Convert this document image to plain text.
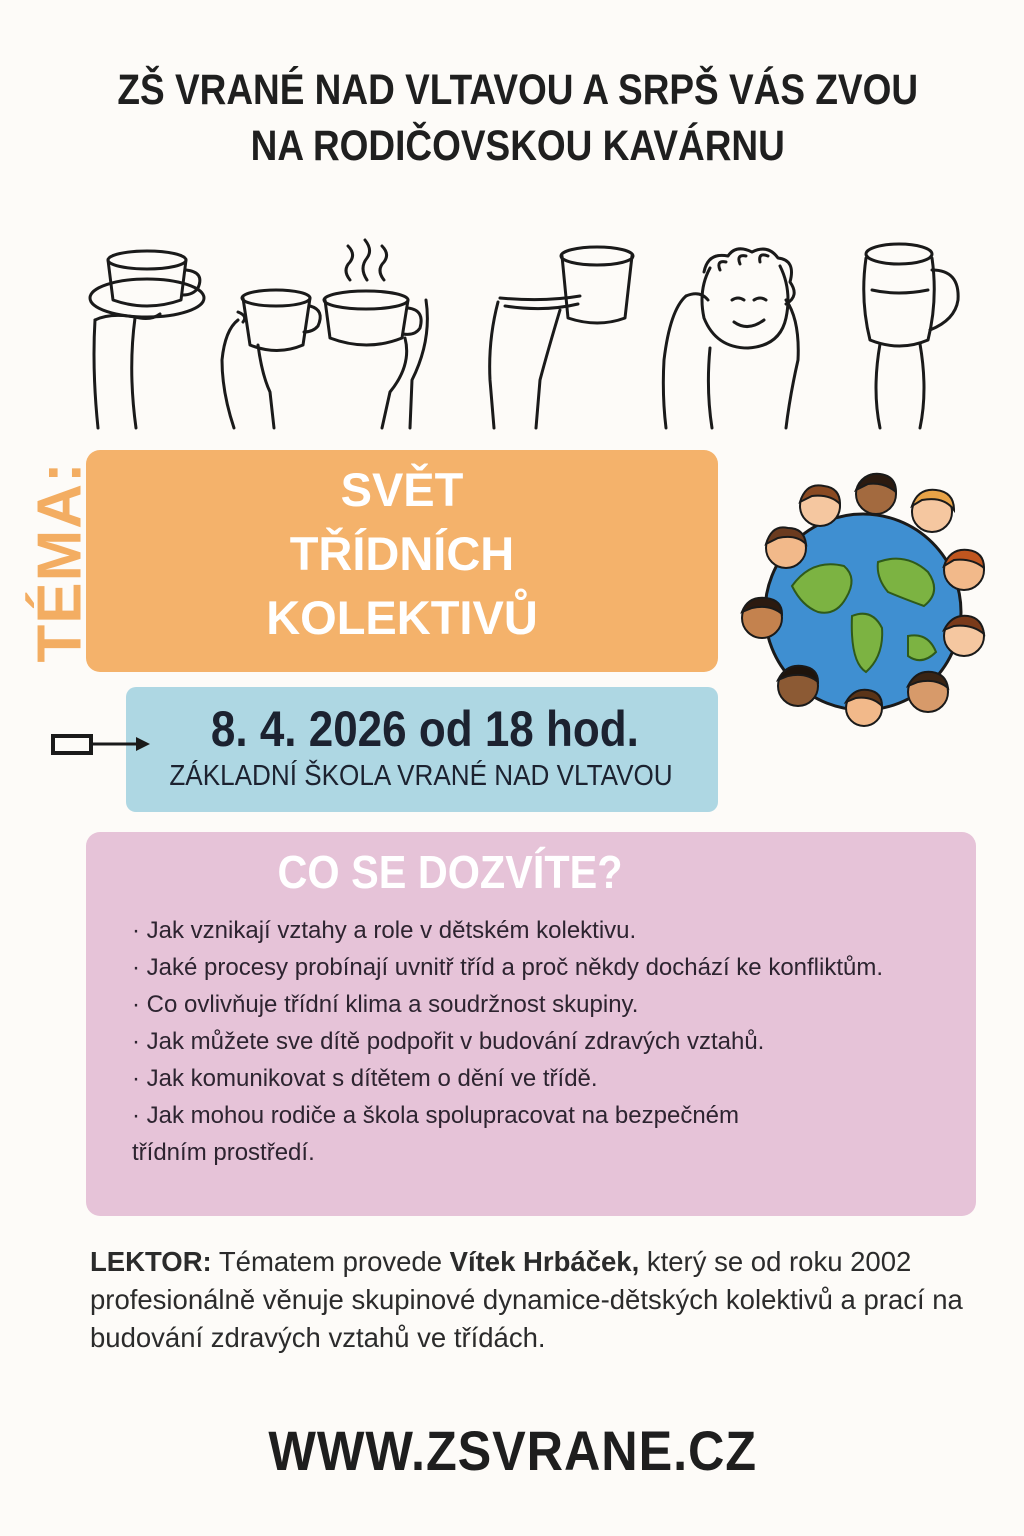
ZŠ VRANÉ NAD VLTAVOU A SRPŠ VÁS ZVOU
NA RODIČOVSKOU KAVÁRNU
SVĚT
TŘÍDNÍCH
KOLEKTIVŮ
TÉMA:
8. 4. 2026 od 18 hod.
ZÁKLADNÍ ŠKOLA VRANÉ NAD VLTAVOU
CO SE DOZVÍTE?
· Jak vznikají vztahy a role v dětském kolektivu.
· Jaké procesy probínají uvnitř tříd a proč někdy dochází ke konfliktům.
· Co ovlivňuje třídní klima a soudržnost skupiny.
· Jak můžete sve dítě podpořit v budování zdravých vztahů.
· Jak komunikovat s dítětem o dění ve třídě.
· Jak mohou rodiče a škola spolupracovat na bezpečném
třídním prostředí.
LEKTOR: Tématem provede Vítek Hrbáček, který se od roku 2002 profesionálně věnuje skupinové dynamice-dětských kolektivů a prací na budování zdravých vztahů ve třídách.
WWW.ZSVRANE.CZ
